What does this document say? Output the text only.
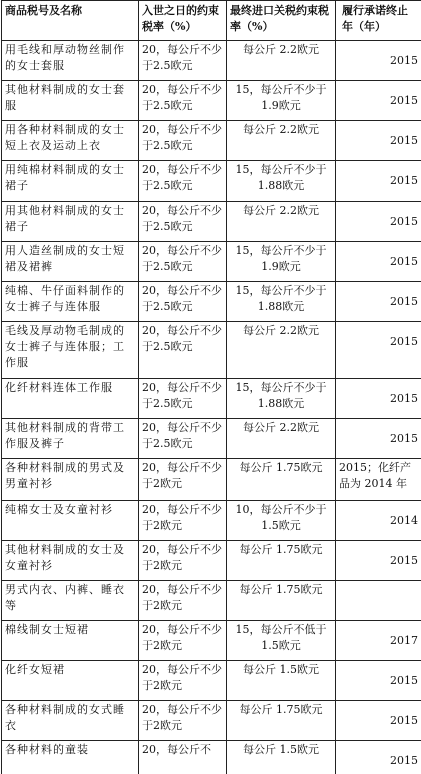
商品税号及名称	入世之日的约束税率（%）	最终进口关税约束税率（%）	履行承诺终止年（年）
用毛线和厚动物丝制作的女士套服	20，每公斤不少于2.5欧元	每公斤 2.2欧元	2015
其他材料制成的女士套服	20，每公斤不少于2.5欧元	15，每公斤不少于1.9欧元	2015
用各种材料制成的女士短上衣及运动上衣	20，每公斤不少于2.5欧元	每公斤 2.2欧元	2015
用纯棉材料制成的女士裙子	20，每公斤不少于2.5欧元	15，每公斤不少于1.88欧元	2015
用其他材料制成的女士裙子	20，每公斤不少于2.5欧元	每公斤 2.2欧元	2015
用人造丝制成的女士短裙及裙裤	20，每公斤不少于2.5欧元	15，每公斤不少于1.9欧元	2015
纯棉、牛仔面料制作的女士裤子与连体服	20，每公斤不少于2.5欧元	15，每公斤不少于1.88欧元	2015
毛线及厚动物毛制成的女士裤子与连体服；工作服	20，每公斤不少于2.5欧元	每公斤 2.2欧元	2015
化纤材料连体工作服	20，每公斤不少于2.5欧元	15，每公斤不少于1.88欧元	2015
其他材料制成的背带工作服及裤子	20，每公斤不少于2.5欧元	每公斤 2.2欧元	2015
各种材料制成的男式及男童衬衫	20，每公斤不少于2欧元	每公斤 1.75欧元	2015；化纤产品为 2014 年
纯棉女士及女童衬衫	20，每公斤不少于2欧元	10，每公斤不少于1.5欧元	2014
其他材料制成的女士及女童衬衫	20，每公斤不少于2欧元	每公斤 1.75欧元	2015
男式内衣、内裤、睡衣等	20，每公斤不少于2欧元	每公斤 1.75欧元	
棉线制女士短裙	20，每公斤不少于2欧元	15，每公斤不低于1.5欧元	2017
化纤女短裙	20，每公斤不少于2欧元	每公斤 1.5欧元	2015
各种材料制成的女式睡衣	20，每公斤不少于2欧元	每公斤 1.75欧元	2015
各种材料的童装	20，每公斤不	每公斤 1.5欧元	2015
